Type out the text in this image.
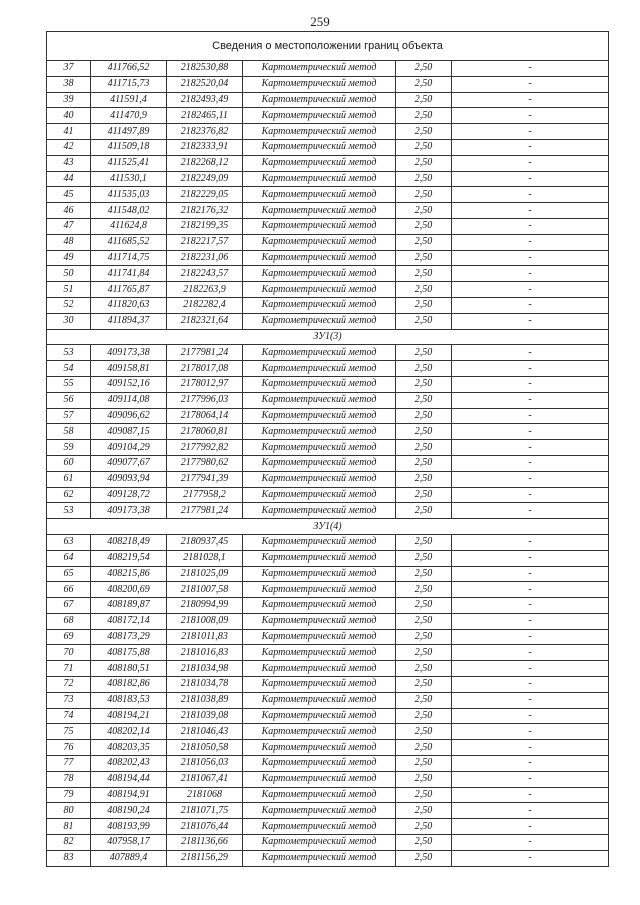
259
Сведения о местоположении границ объекта					
37	411766,52	2182530,88	Картометрический метод	2,50	-
38	411715,73	2182520,04	Картометрический метод	2,50	-
39	411591,4	2182493,49	Картометрический метод	2,50	-
40	411470,9	2182465,11	Картометрический метод	2,50	-
41	411497,89	2182376,82	Картометрический метод	2,50	-
42	411509,18	2182333,91	Картометрический метод	2,50	-
43	411525,41	2182268,12	Картометрический метод	2,50	-
44	411530,1	2182249,09	Картометрический метод	2,50	-
45	411535,03	2182229,05	Картометрический метод	2,50	-
46	411548,02	2182176,32	Картометрический метод	2,50	-
47	411624,8	2182199,35	Картометрический метод	2,50	-
48	411685,52	2182217,57	Картометрический метод	2,50	-
49	411714,75	2182231,06	Картометрический метод	2,50	-
50	411741,84	2182243,57	Картометрический метод	2,50	-
51	411765,87	2182263,9	Картометрический метод	2,50	-
52	411820,63	2182282,4	Картометрический метод	2,50	-
30	411894,37	2182321,64	Картометрический метод	2,50	-
ЗУ1(3)					
53	409173,38	2177981,24	Картометрический метод	2,50	-
54	409158,81	2178017,08	Картометрический метод	2,50	-
55	409152,16	2178012,97	Картометрический метод	2,50	-
56	409114,08	2177996,03	Картометрический метод	2,50	-
57	409096,62	2178064,14	Картометрический метод	2,50	-
58	409087,15	2178060,81	Картометрический метод	2,50	-
59	409104,29	2177992,82	Картометрический метод	2,50	-
60	409077,67	2177980,62	Картометрический метод	2,50	-
61	409093,94	2177941,39	Картометрический метод	2,50	-
62	409128,72	2177958,2	Картометрический метод	2,50	-
53	409173,38	2177981,24	Картометрический метод	2,50	-
ЗУ1(4)					
63	408218,49	2180937,45	Картометрический метод	2,50	-
64	408219,54	2181028,1	Картометрический метод	2,50	-
65	408215,86	2181025,09	Картометрический метод	2,50	-
66	408200,69	2181007,58	Картометрический метод	2,50	-
67	408189,87	2180994,99	Картометрический метод	2,50	-
68	408172,14	2181008,09	Картометрический метод	2,50	-
69	408173,29	2181011,83	Картометрический метод	2,50	-
70	408175,88	2181016,83	Картометрический метод	2,50	-
71	408180,51	2181034,98	Картометрический метод	2,50	-
72	408182,86	2181034,78	Картометрический метод	2,50	-
73	408183,53	2181038,89	Картометрический метод	2,50	-
74	408194,21	2181039,08	Картометрический метод	2,50	-
75	408202,14	2181046,43	Картометрический метод	2,50	-
76	408203,35	2181050,58	Картометрический метод	2,50	-
77	408202,43	2181056,03	Картометрический метод	2,50	-
78	408194,44	2181067,41	Картометрический метод	2,50	-
79	408194,91	2181068	Картометрический метод	2,50	-
80	408190,24	2181071,75	Картометрический метод	2,50	-
81	408193,99	2181076,44	Картометрический метод	2,50	-
82	407958,17	2181136,66	Картометрический метод	2,50	-
83	407889,4	2181156,29	Картометрический метод	2,50	-
